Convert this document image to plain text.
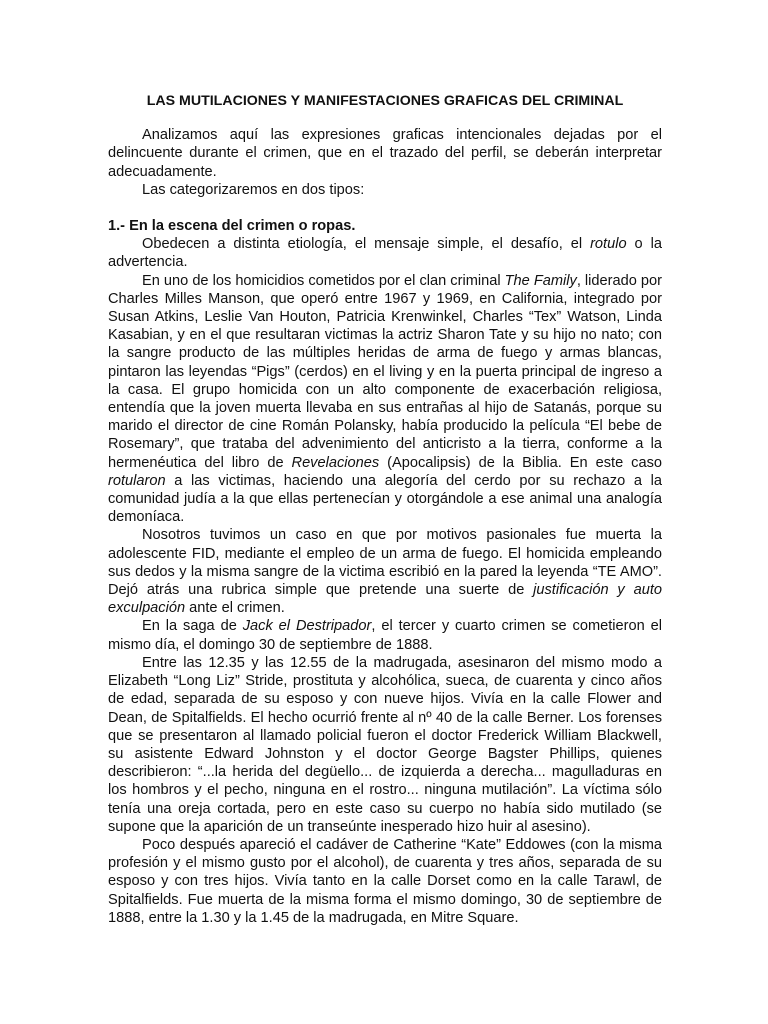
LAS MUTILACIONES Y MANIFESTACIONES GRAFICAS DEL CRIMINAL

Analizamos aquí las expresiones graficas intencionales dejadas por el delincuente durante el crimen, que en el trazado del perfil, se deberán interpretar adecuadamente.

Las categorizaremos en dos tipos:

1.- En la escena del crimen o ropas.

Obedecen a distinta etiología, el mensaje simple, el desafío, el rotulo o la advertencia.

En uno de los homicidios cometidos por el clan criminal The Family, liderado por Charles Milles Manson, que operó entre 1967 y 1969, en California, integrado por Susan Atkins, Leslie Van Houton, Patricia Krenwinkel, Charles “Tex” Watson, Linda Kasabian, y en el que resultaran victimas la actriz Sharon Tate y su hijo no nato; con la sangre producto de las múltiples heridas de arma de fuego y armas blancas, pintaron las leyendas “Pigs” (cerdos) en el living y en la puerta principal de ingreso a la casa. El grupo homicida con un alto componente de exacerbación religiosa, entendía que la joven muerta llevaba en sus entrañas al hijo de Satanás, porque su marido el director de cine Román Polansky, había producido la película “El bebe de Rosemary”, que trataba del advenimiento del anticristo a la tierra, conforme a la hermenéutica del libro de Revelaciones (Apocalipsis) de la Biblia. En este caso rotularon a las victimas, haciendo una alegoría del cerdo por su rechazo a la comunidad judía a la que ellas pertenecían y otorgándole a ese animal una analogía demoníaca.

Nosotros tuvimos un caso en que por motivos pasionales fue muerta la adolescente FID, mediante el empleo de un arma de fuego. El homicida empleando sus dedos y la misma sangre de la victima escribió en la pared la leyenda “TE AMO”. Dejó atrás una rubrica simple que pretende una suerte de justificación y auto exculpación ante el crimen.

En la saga de Jack el Destripador, el tercer y cuarto crimen se cometieron el mismo día, el domingo 30 de septiembre de 1888.

Entre las 12.35 y las 12.55 de la madrugada, asesinaron del mismo modo a Elizabeth “Long Liz” Stride, prostituta y alcohólica, sueca, de cuarenta y cinco años de edad, separada de su esposo y con nueve hijos. Vivía en la calle Flower and Dean, de Spitalfields. El hecho ocurrió frente al nº 40 de la calle Berner. Los forenses que se presentaron al llamado policial fueron el doctor Frederick William Blackwell, su asistente Edward Johnston y el doctor George Bagster Phillips, quienes describieron: “...la herida del degüello... de izquierda a derecha... magulladuras en los hombros y el pecho, ninguna en el rostro... ninguna mutilación”. La víctima sólo tenía una oreja cortada, pero en este caso su cuerpo no había sido mutilado (se supone que la aparición de un transeúnte inesperado hizo huir al asesino).

Poco después apareció el cadáver de Catherine “Kate” Eddowes (con la misma profesión y el mismo gusto por el alcohol), de cuarenta y tres años, separada de su esposo y con tres hijos. Vivía tanto en la calle Dorset como en la calle Tarawl, de Spitalfields. Fue muerta de la misma forma el mismo domingo, 30 de septiembre de 1888, entre la 1.30 y la 1.45 de la madrugada, en Mitre Square.
